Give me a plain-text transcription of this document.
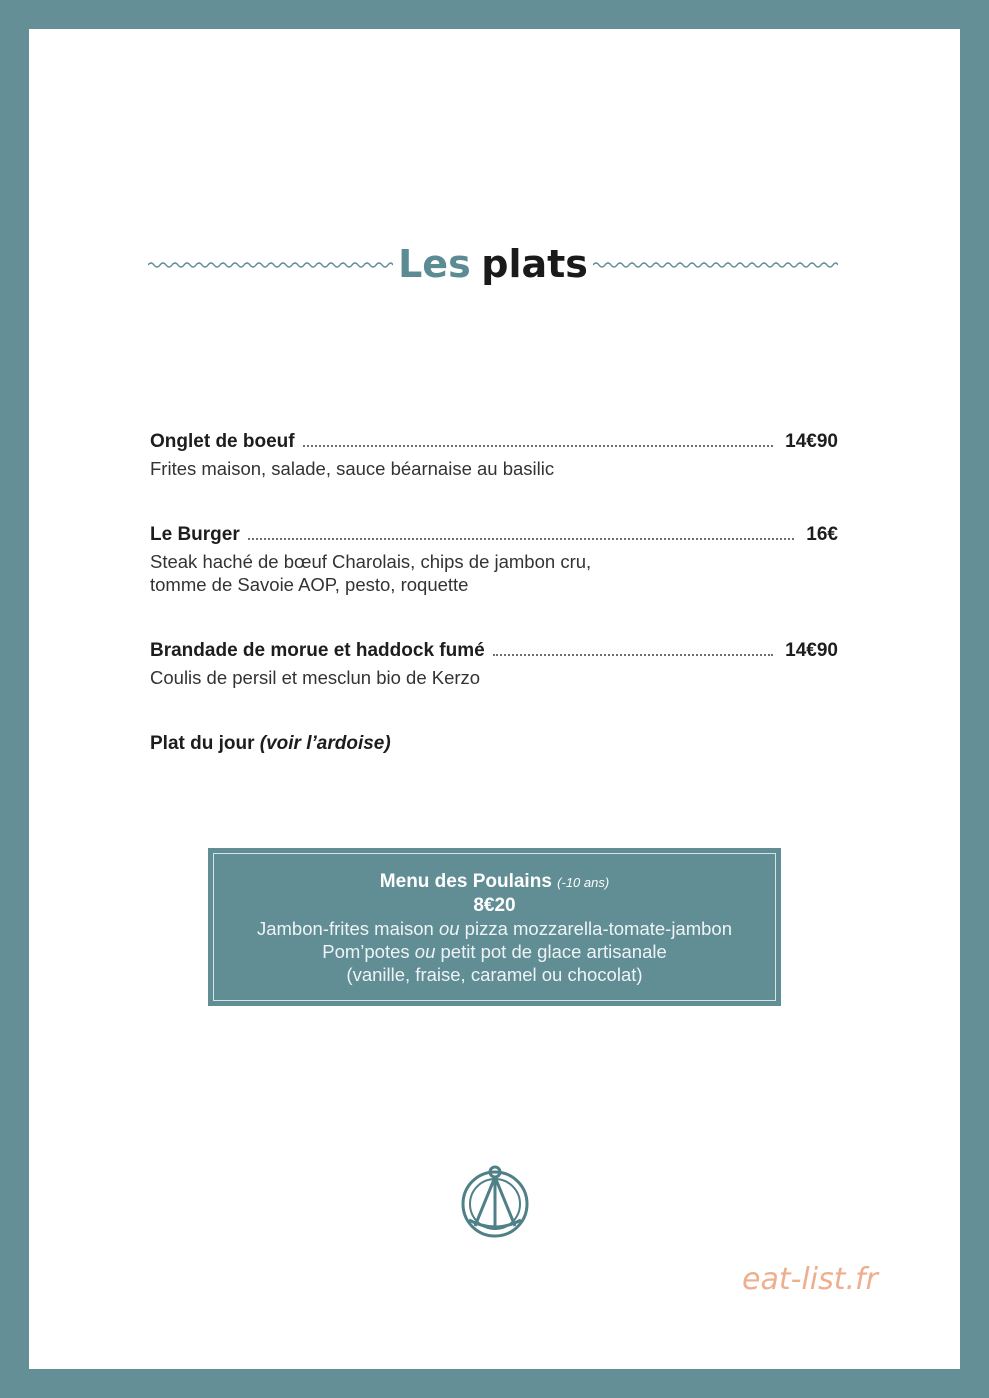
Les plats
Onglet de boeuf	14€90
Frites maison, salade, sauce béarnaise au basilic
Le Burger	16€
Steak haché de bœuf Charolais, chips de jambon cru,
tomme de Savoie AOP, pesto, roquette
Brandade de morue et haddock fumé	14€90
Coulis de persil et mesclun bio de Kerzo
Plat du jour (voir l’ardoise)
Menu des Poulains (-10 ans)
8€20
Jambon-frites maison ou pizza mozzarella-tomate-jambon
Pom’potes ou petit pot de glace artisanale
(vanille, fraise, caramel ou chocolat)
eat-list.fr
